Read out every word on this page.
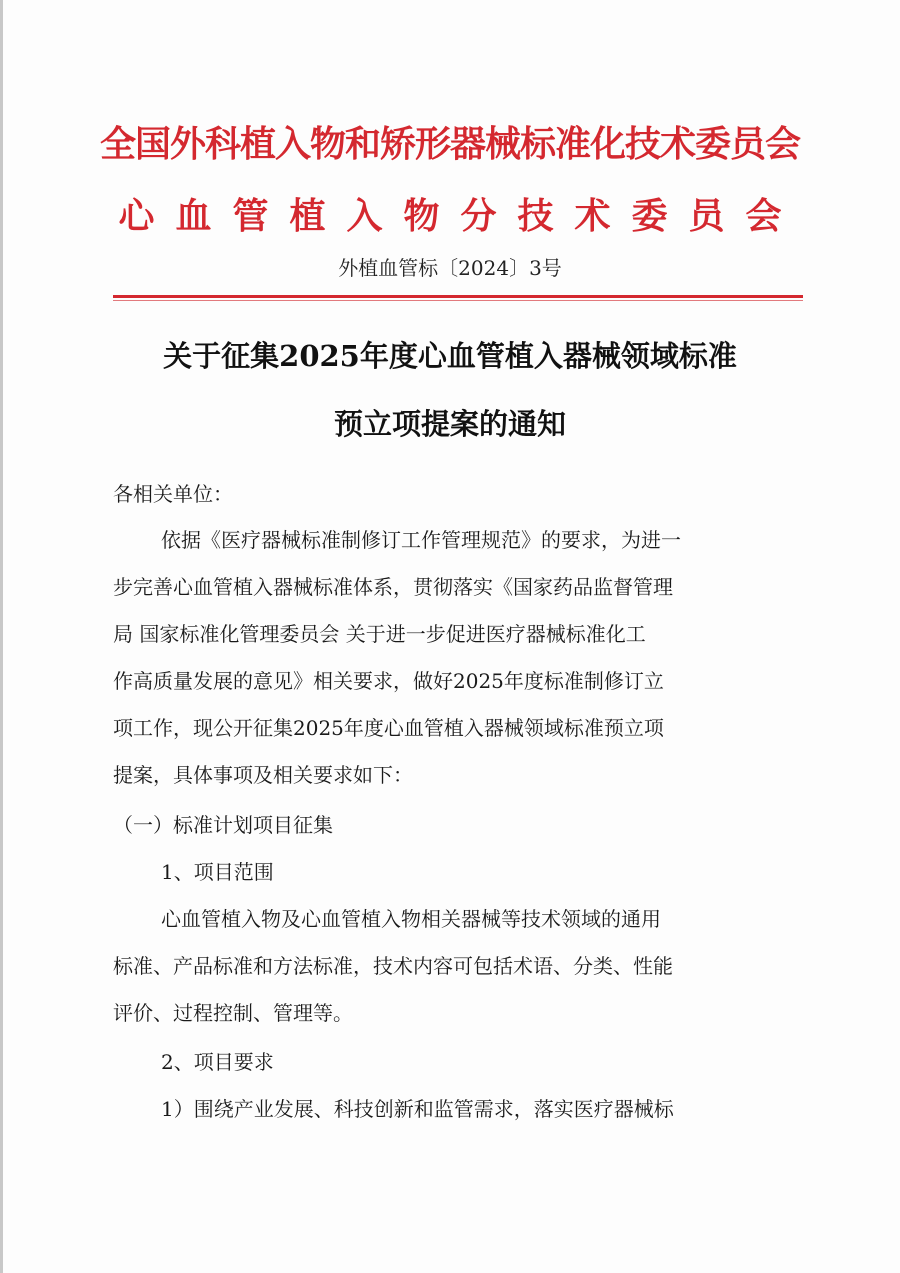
全国外科植入物和矫形器械标准化技术委员会
心血管植入物分技术委员会
外植血管标〔2024〕3号
关于征集2025年度心血管植入器械领域标准
预立项提案的通知
各相关单位：
依据《医疗器械标准制修订工作管理规范》的要求，为进一
步完善心血管植入器械标准体系，贯彻落实《国家药品监督管理
局 国家标准化管理委员会 关于进一步促进医疗器械标准化工
作高质量发展的意见》相关要求，做好2025年度标准制修订立
项工作，现公开征集2025年度心血管植入器械领域标准预立项
提案，具体事项及相关要求如下：
（一）标准计划项目征集
1、项目范围
心血管植入物及心血管植入物相关器械等技术领域的通用
标准、产品标准和方法标准，技术内容可包括术语、分类、性能
评价、过程控制、管理等。
2、项目要求
1）围绕产业发展、科技创新和监管需求，落实医疗器械标
